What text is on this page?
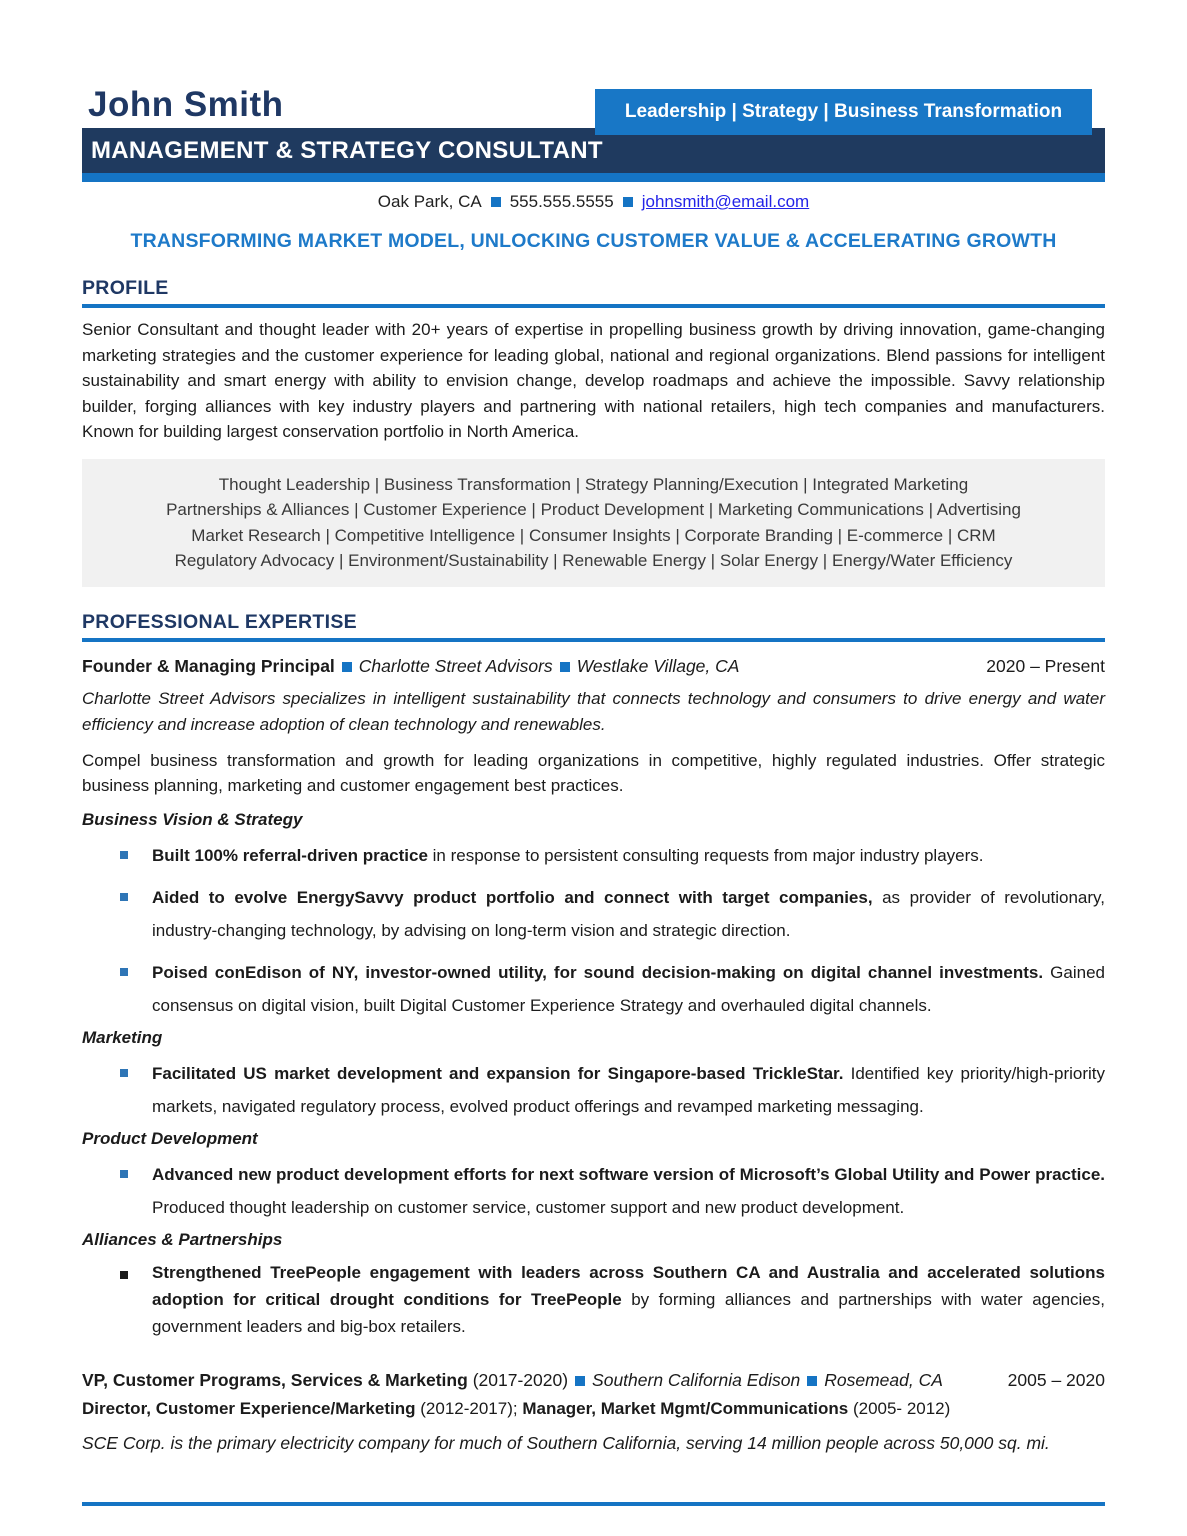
John Smith	Leadership | Strategy | Business Transformation
MANAGEMENT & STRATEGY CONSULTANT
Oak Park, CA 555.555.5555 johnsmith@email.com
TRANSFORMING MARKET MODEL, UNLOCKING CUSTOMER VALUE & ACCELERATING GROWTH
PROFILE

Senior Consultant and thought leader with 20+ years of expertise in propelling business growth by driving innovation, game-changing marketing strategies and the customer experience for leading global, national and regional organizations. Blend passions for intelligent sustainability and smart energy with ability to envision change, develop roadmaps and achieve the impossible. Savvy relationship builder, forging alliances with key industry players and partnering with national retailers, high tech companies and manufacturers. Known for building largest conservation portfolio in North America.

Thought Leadership | Business Transformation | Strategy Planning/Execution | Integrated Marketing
Partnerships & Alliances | Customer Experience | Product Development | Marketing Communications | Advertising
Market Research | Competitive Intelligence | Consumer Insights | Corporate Branding | E-commerce | CRM
Regulatory Advocacy | Environment/Sustainability | Renewable Energy | Solar Energy | Energy/Water Efficiency
PROFESSIONAL EXPERTISE
Founder & Managing Principal Charlotte Street Advisors Westlake Village, CA	2020 – Present

Charlotte Street Advisors specializes in intelligent sustainability that connects technology and consumers to drive energy and water efficiency and increase adoption of clean technology and renewables.

Compel business transformation and growth for leading organizations in competitive, highly regulated industries. Offer strategic business planning, marketing and customer engagement best practices.

Business Vision & Strategy

Built 100% referral-driven practice in response to persistent consulting requests from major industry players.

Aided to evolve EnergySavvy product portfolio and connect with target companies, as provider of revolutionary, industry-changing technology, by advising on long-term vision and strategic direction.

Poised conEdison of NY, investor-owned utility, for sound decision-making on digital channel investments. Gained consensus on digital vision, built Digital Customer Experience Strategy and overhauled digital channels.

Marketing

Facilitated US market development and expansion for Singapore-based TrickleStar. Identified key priority/high-priority markets, navigated regulatory process, evolved product offerings and revamped marketing messaging.

Product Development

Advanced new product development efforts for next software version of Microsoft’s Global Utility and Power practice. Produced thought leadership on customer service, customer support and new product development.

Alliances & Partnerships

Strengthened TreePeople engagement with leaders across Southern CA and Australia and accelerated solutions adoption for critical drought conditions for TreePeople by forming alliances and partnerships with water agencies, government leaders and big-box retailers.

VP, Customer Programs, Services & Marketing (2017-2020) Southern California Edison Rosemead, CA	2005 – 2020
Director, Customer Experience/Marketing (2012-2017); Manager, Market Mgmt/Communications (2005- 2012)

SCE Corp. is the primary electricity company for much of Southern California, serving 14 million people across 50,000 sq. mi.
